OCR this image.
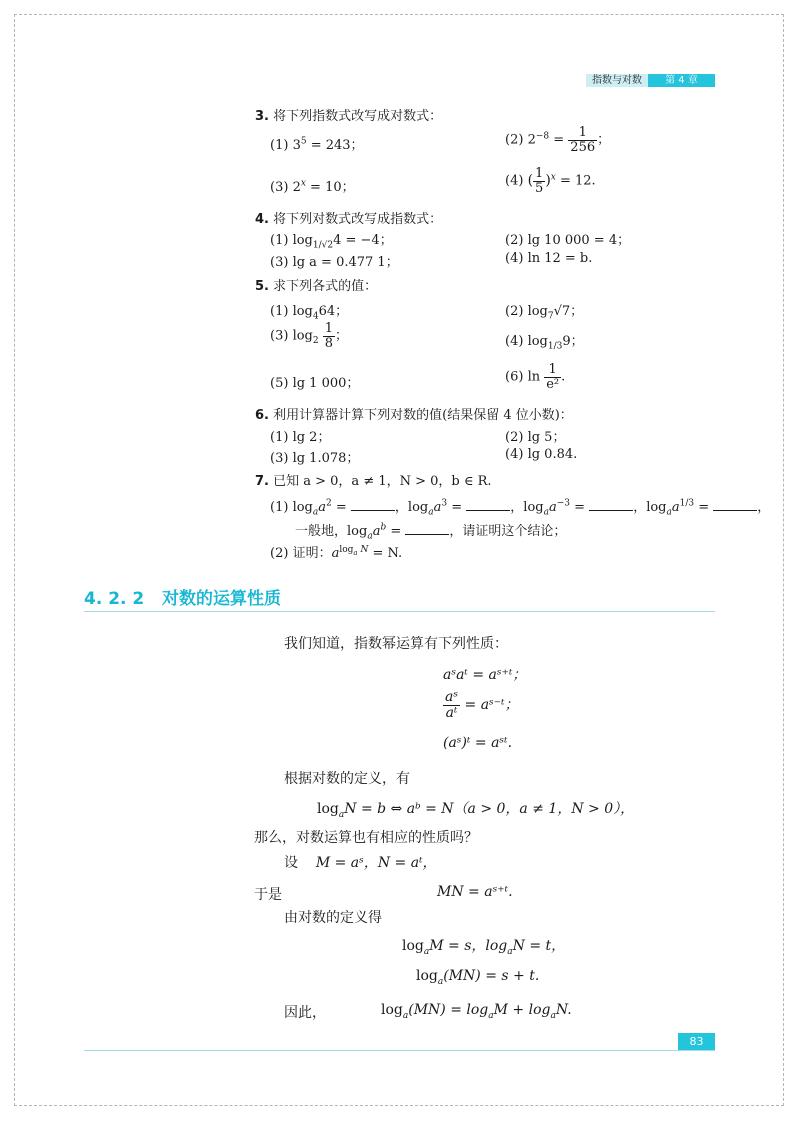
指数与对数	第 4 章
3. 将下列指数式改写成对数式：
(1) $3^5 = 243$；	(2) $2^{-8} = \frac{1}{256}$ ；
(3) $2^x = 10$；	(4) ( $\frac{1}{5} )^x = 12$.
4. 将下列对数式改写成指数式：
(1) $\log_{1/√2}4 = -4$；	(2) lg 10 000 = 4；
(3) lg a = 0.477 1；	(4) ln 12 = b.
5. 求下列各式的值：
(1) $\log_464$；	(2) $\log_7√7$；
(3) $\log_2 \frac{1}{8}$ ；	(4) $\log_{1/3}9$；
(5) lg 1 000；	(6) $\ln \frac{1}{\text{e²}}$ .
6. 利用计算器计算下列对数的值(结果保留 4 位小数)：
(1) lg 2；	(2) lg 5；
(3) lg 1.078；	(4) lg 0.84.
7. 已知 a > 0，a ≠ 1，N > 0，b ∈ R.
(1) $\log_aa^2$ =	，$\log_aa^3$ =	，$\log_aa^{-3}$ =	，$\log_aa^{1/3}$ =	，
一般地，$\log_aa^b$ =	，请证明这个结论；
(2) 证明：$a^{log_a N} = N$.
4. 2. 2 对数的运算性质
我们知道，指数幂运算有下列性质：
aˢaᵗ = aˢ⁺ᵗ；
$\frac{\text{aˢ}}{\text{aᵗ}}$ = aˢ⁻ᵗ；
(aˢ)ᵗ = aˢᵗ.
根据对数的定义，有
$\log_aN = b$ ⇔ aᵇ = N（a > 0，a ≠ 1，N > 0），
那么，对数运算也有相应的性质吗？
设 M = aˢ，N = aᵗ，
于是	MN = aˢ⁺ᵗ.
由对数的定义得
$\log_aM = s$，$\log_aN = t$，
$\log_a(MN) = s + t$.
因此，	$\log_a(MN) = \log_aM + \log_aN$.
83
